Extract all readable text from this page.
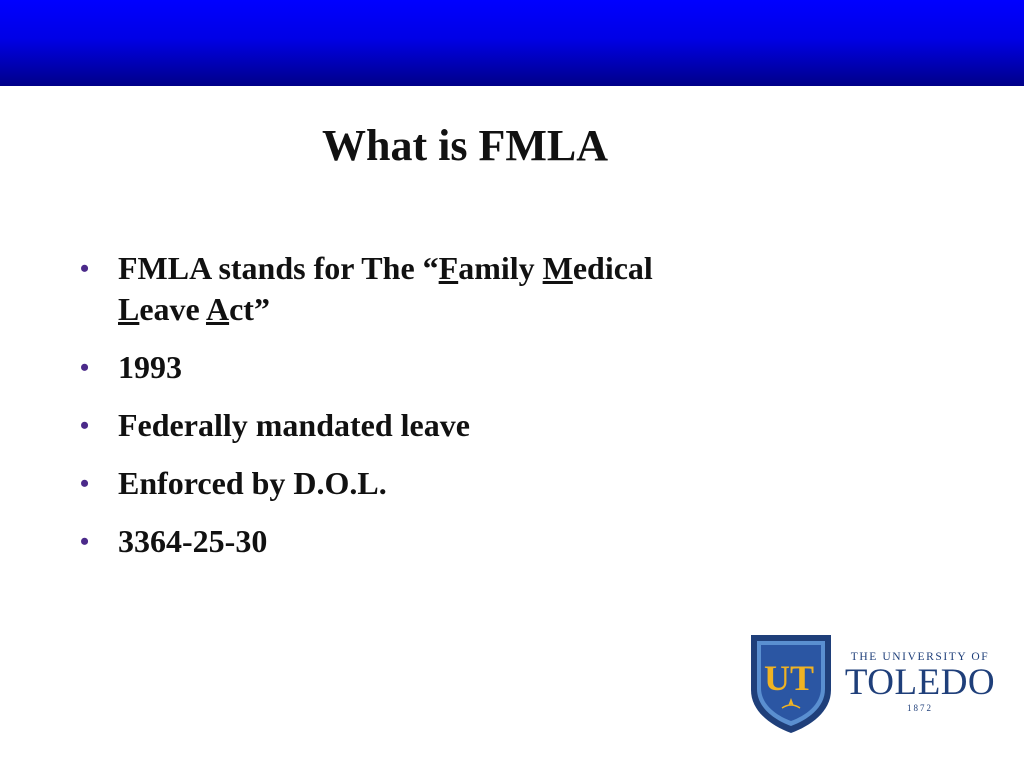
What is FMLA
• FMLA stands for The “Family Medical
Leave Act”
• 1993
• Federally mandated leave
• Enforced by D.O.L.
• 3364-25-30
UT
THE UNIVERSITY OF
TOLEDO
1872
